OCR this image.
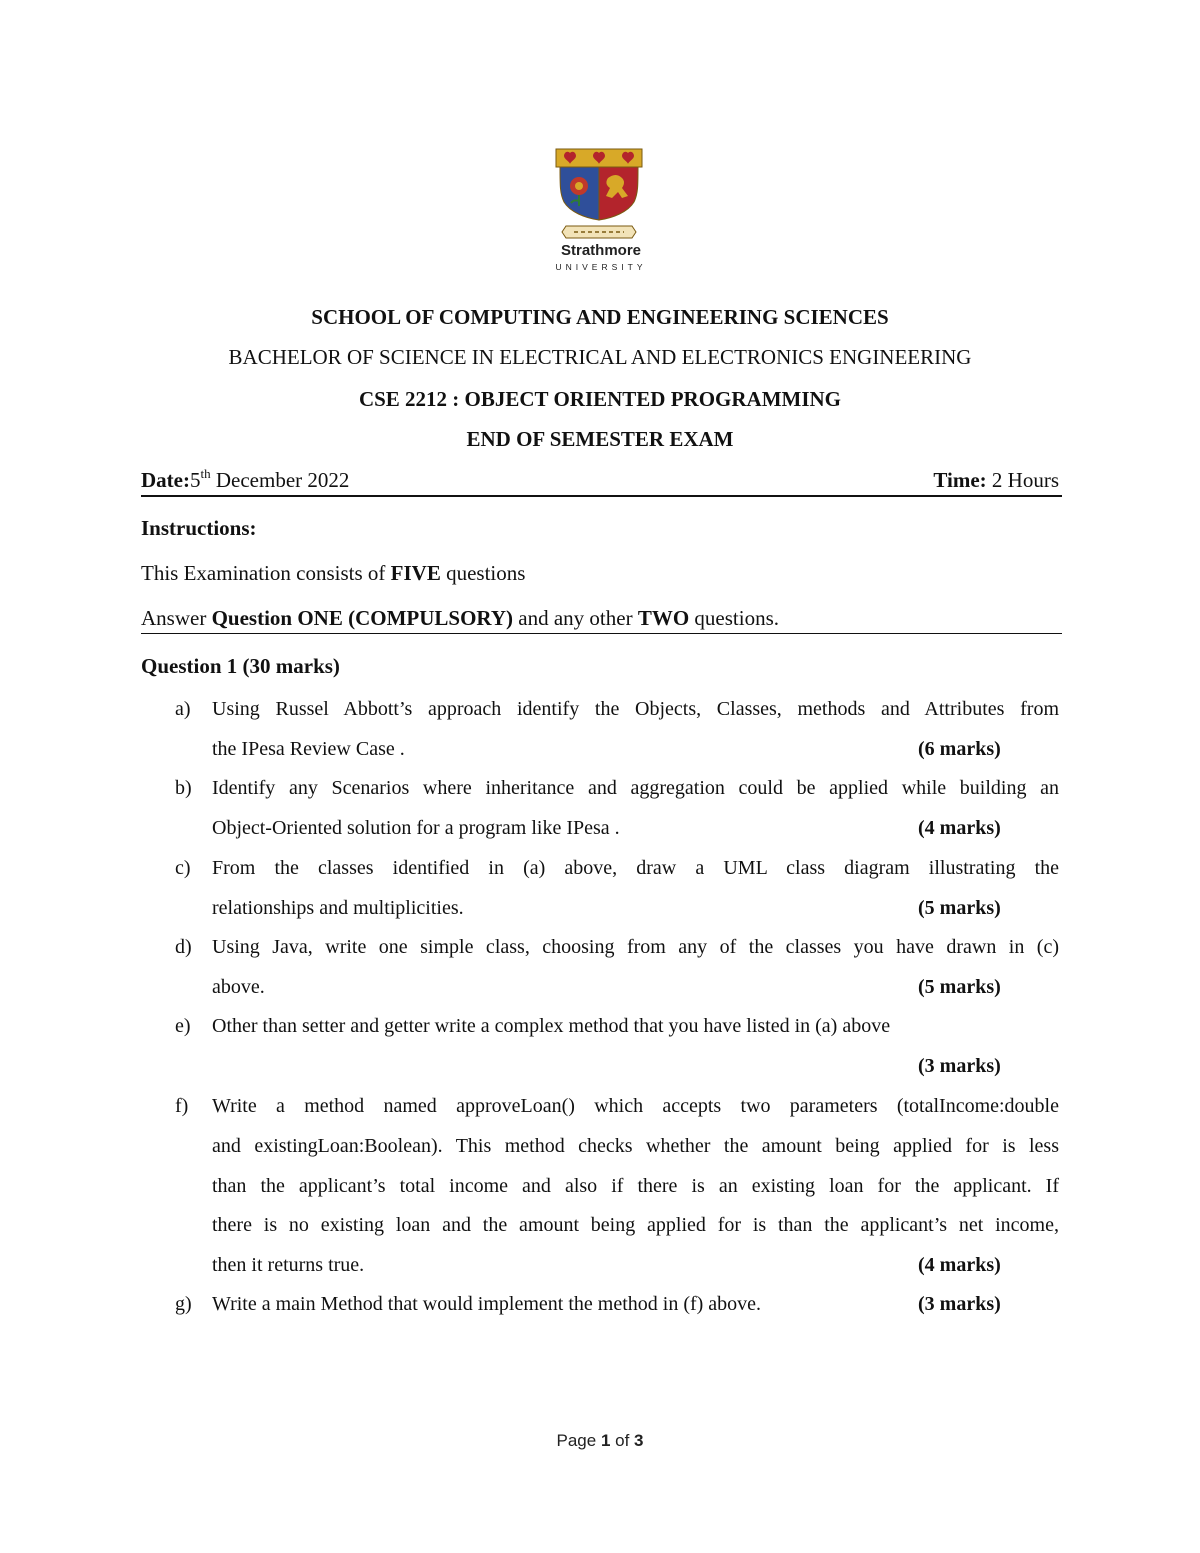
Strathmore
UNIVERSITY
SCHOOL OF COMPUTING AND ENGINEERING SCIENCES
BACHELOR OF SCIENCE IN ELECTRICAL AND ELECTRONICS ENGINEERING
CSE 2212 : OBJECT ORIENTED PROGRAMMING
END OF SEMESTER EXAM
Date:5th December 2022	Time: 2 Hours
Instructions:
This Examination consists of FIVE questions
Answer Question ONE (COMPULSORY) and any other TWO questions.
Question 1 (30 marks)
a) Using Russel Abbott’s approach identify the Objects, Classes, methods and Attributes from
the IPesa Review Case .	(6 marks)
b) Identify any Scenarios where inheritance and aggregation could be applied while building an
Object-Oriented solution for a program like IPesa .	(4 marks)
c) From the classes identified in (a) above, draw a UML class diagram illustrating the
relationships and multiplicities.	(5 marks)
d) Using Java, write one simple class, choosing from any of the classes you have drawn in (c)
above.	(5 marks)
e) Other than setter and getter write a complex method that you have listed in (a) above
(3 marks)
f)	Write a method named approveLoan() which accepts two parameters (totalIncome:double
and existingLoan:Boolean). This method checks whether the amount being applied for is less
than the applicant’s total income and also if there is an existing loan for the applicant. If
there is no existing loan and the amount being applied for is than the applicant’s net income,
then it returns true.	(4 marks)
g) Write a main Method that would implement the method in (f) above.	(3 marks)
Page 1 of 3
